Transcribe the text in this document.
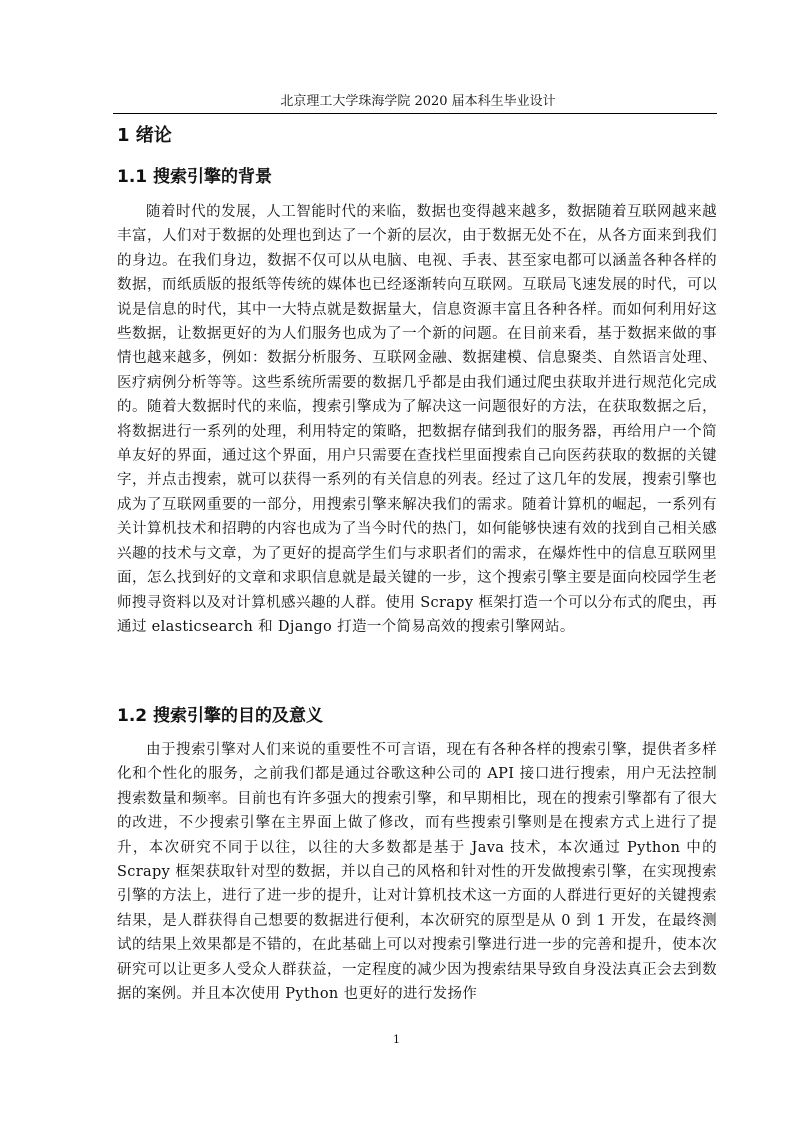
北京理工大学珠海学院 2020 届本科生毕业设计
1 绪论
1.1 搜索引擎的背景

随着时代的发展，人工智能时代的来临，数据也变得越来越多，数据随着互联网越来越丰富，人们对于数据的处理也到达了一个新的层次，由于数据无处不在，从各方面来到我们的身边。在我们身边，数据不仅可以从电脑、电视、手表、甚至家电都可以涵盖各种各样的数据，而纸质版的报纸等传统的媒体也已经逐渐转向互联网。互联局飞速发展的时代，可以说是信息的时代，其中一大特点就是数据量大，信息资源丰富且各种各样。而如何利用好这些数据，让数据更好的为人们服务也成为了一个新的问题。在目前来看，基于数据来做的事情也越来越多，例如：数据分析服务、互联网金融、数据建模、信息聚类、自然语言处理、医疗病例分析等等。这些系统所需要的数据几乎都是由我们通过爬虫获取并进行规范化完成的。随着大数据时代的来临，搜索引擎成为了解决这一问题很好的方法，在获取数据之后，将数据进行一系列的处理，利用特定的策略，把数据存储到我们的服务器，再给用户一个简单友好的界面，通过这个界面，用户只需要在查找栏里面搜索自己向医药获取的数据的关键字，并点击搜索，就可以获得一系列的有关信息的列表。经过了这几年的发展，搜索引擎也成为了互联网重要的一部分，用搜索引擎来解决我们的需求。随着计算机的崛起，一系列有关计算机技术和招聘的内容也成为了当今时代的热门，如何能够快速有效的找到自己相关感兴趣的技术与文章，为了更好的提高学生们与求职者们的需求，在爆炸性中的信息互联网里面，怎么找到好的文章和求职信息就是最关键的一步，这个搜索引擎主要是面向校园学生老师搜寻资料以及对计算机感兴趣的人群。使用 Scrapy 框架打造一个可以分布式的爬虫，再通过 elasticsearch 和 Django 打造一个简易高效的搜索引擎网站。

1.2 搜索引擎的目的及意义

由于搜索引擎对人们来说的重要性不可言语，现在有各种各样的搜索引擎，提供者多样化和个性化的服务，之前我们都是通过谷歌这种公司的 API 接口进行搜索，用户无法控制搜索数量和频率。目前也有许多强大的搜索引擎，和早期相比，现在的搜索引擎都有了很大的改进，不少搜索引擎在主界面上做了修改，而有些搜索引擎则是在搜索方式上进行了提升，本次研究不同于以往，以往的大多数都是基于 Java 技术，本次通过 Python 中的 Scrapy 框架获取针对型的数据，并以自己的风格和针对性的开发做搜索引擎，在实现搜索引擎的方法上，进行了进一步的提升，让对计算机技术这一方面的人群进行更好的关键搜索结果，是人群获得自己想要的数据进行便利，本次研究的原型是从 0 到 1 开发，在最终测试的结果上效果都是不错的，在此基础上可以对搜索引擎进行进一步的完善和提升，使本次研究可以让更多人受众人群获益，一定程度的减少因为搜索结果导致自身没法真正会去到数据的案例。并且本次使用 Python 也更好的进行发扬作

1
